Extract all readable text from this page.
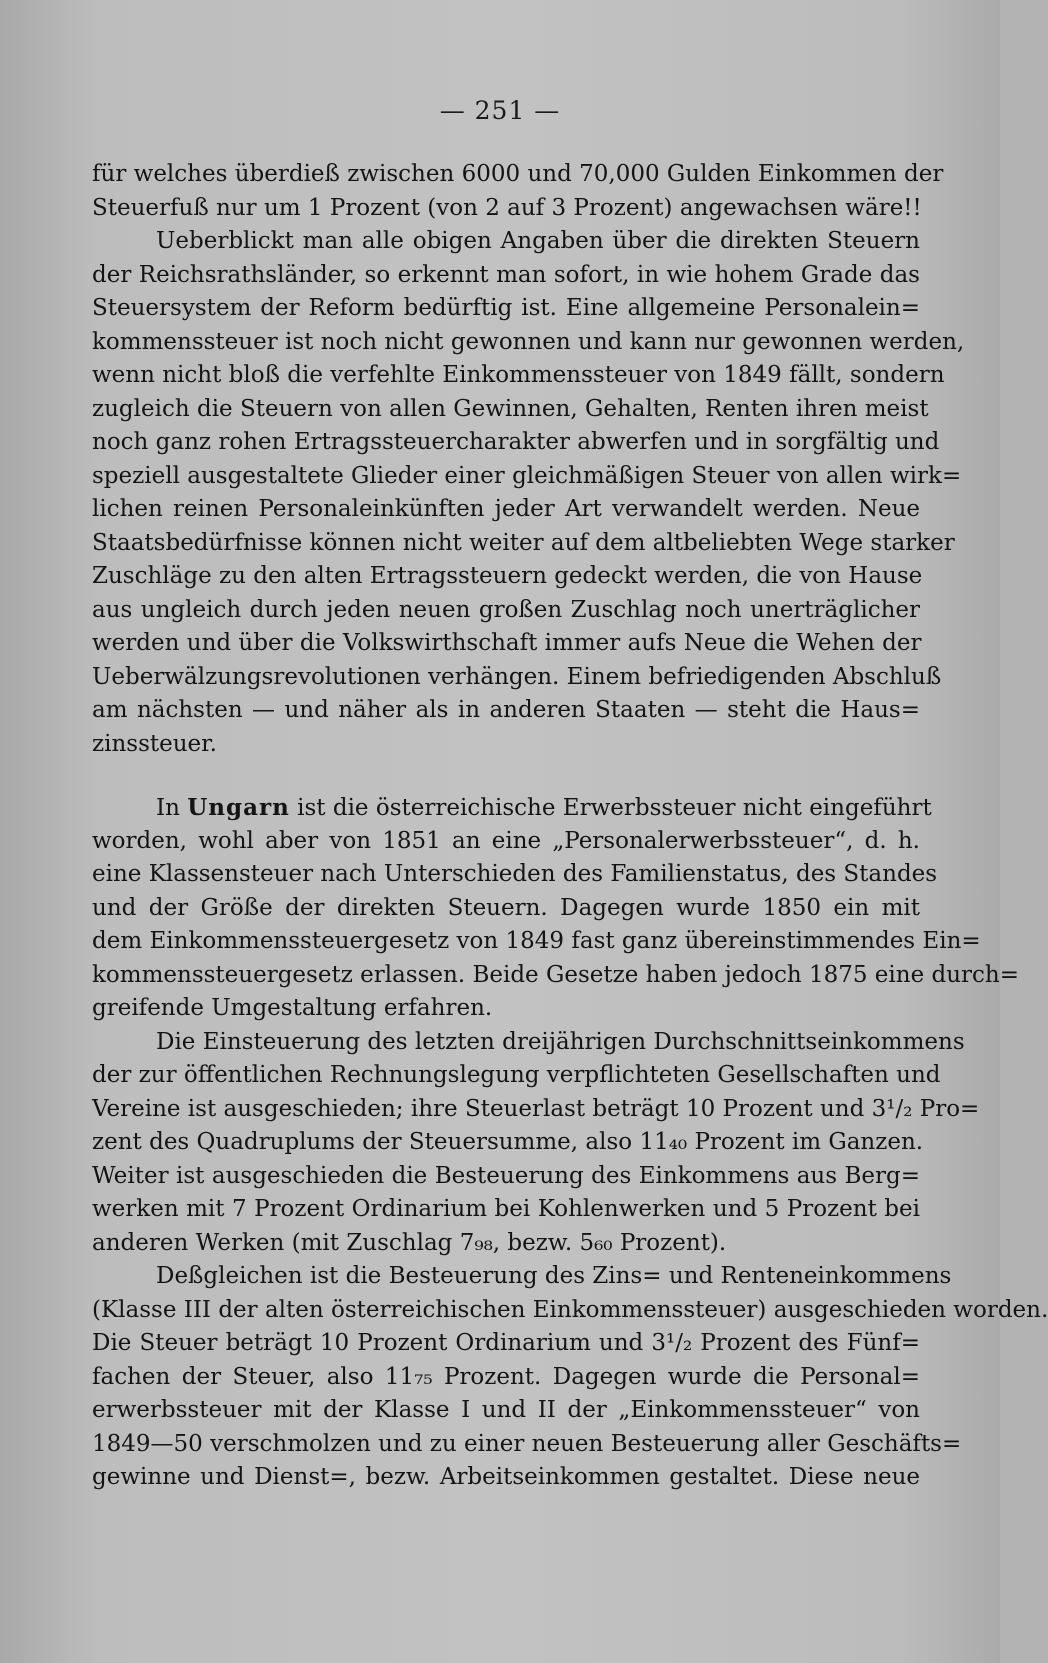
— 251 —
für welches überdieß zwischen 6000 und 70,000 Gulden Einkommen der
Steuerfuß nur um 1 Prozent (von 2 auf 3 Prozent) angewachsen wäre!!
Ueberblickt man alle obigen Angaben über die direkten Steuern
der Reichsrathsländer, so erkennt man sofort, in wie hohem Grade das
Steuersystem der Reform bedürftig ist. Eine allgemeine Personalein=
kommenssteuer ist noch nicht gewonnen und kann nur gewonnen werden,
wenn nicht bloß die verfehlte Einkommenssteuer von 1849 fällt, sondern
zugleich die Steuern von allen Gewinnen, Gehalten, Renten ihren meist
noch ganz rohen Ertragssteuercharakter abwerfen und in sorgfältig und
speziell ausgestaltete Glieder einer gleichmäßigen Steuer von allen wirk=
lichen reinen Personaleinkünften jeder Art verwandelt werden. Neue
Staatsbedürfnisse können nicht weiter auf dem altbeliebten Wege starker
Zuschläge zu den alten Ertragssteuern gedeckt werden, die von Hause
aus ungleich durch jeden neuen großen Zuschlag noch unerträglicher
werden und über die Volkswirthschaft immer aufs Neue die Wehen der
Ueberwälzungsrevolutionen verhängen. Einem befriedigenden Abschluß
am nächsten — und näher als in anderen Staaten — steht die Haus=
zinssteuer.
In Ungarn ist die österreichische Erwerbssteuer nicht eingeführt
worden, wohl aber von 1851 an eine „Personalerwerbssteuer“, d. h.
eine Klassensteuer nach Unterschieden des Familienstatus, des Standes
und der Größe der direkten Steuern. Dagegen wurde 1850 ein mit
dem Einkommenssteuergesetz von 1849 fast ganz übereinstimmendes Ein=
kommenssteuergesetz erlassen. Beide Gesetze haben jedoch 1875 eine durch=
greifende Umgestaltung erfahren.
Die Einsteuerung des letzten dreijährigen Durchschnittseinkommens
der zur öffentlichen Rechnungslegung verpflichteten Gesellschaften und
Vereine ist ausgeschieden; ihre Steuerlast beträgt 10 Prozent und 3¹/₂ Pro=
zent des Quadruplums der Steuersumme, also 11₄₀ Prozent im Ganzen.
Weiter ist ausgeschieden die Besteuerung des Einkommens aus Berg=
werken mit 7 Prozent Ordinarium bei Kohlenwerken und 5 Prozent bei
anderen Werken (mit Zuschlag 7₉₈, bezw. 5₆₀ Prozent).
Deßgleichen ist die Besteuerung des Zins= und Renteneinkommens
(Klasse III der alten österreichischen Einkommenssteuer) ausgeschieden worden.
Die Steuer beträgt 10 Prozent Ordinarium und 3¹/₂ Prozent des Fünf=
fachen der Steuer, also 11₇₅ Prozent. Dagegen wurde die Personal=
erwerbssteuer mit der Klasse I und II der „Einkommenssteuer“ von
1849—50 verschmolzen und zu einer neuen Besteuerung aller Geschäfts=
gewinne und Dienst=, bezw. Arbeitseinkommen gestaltet. Diese neue
